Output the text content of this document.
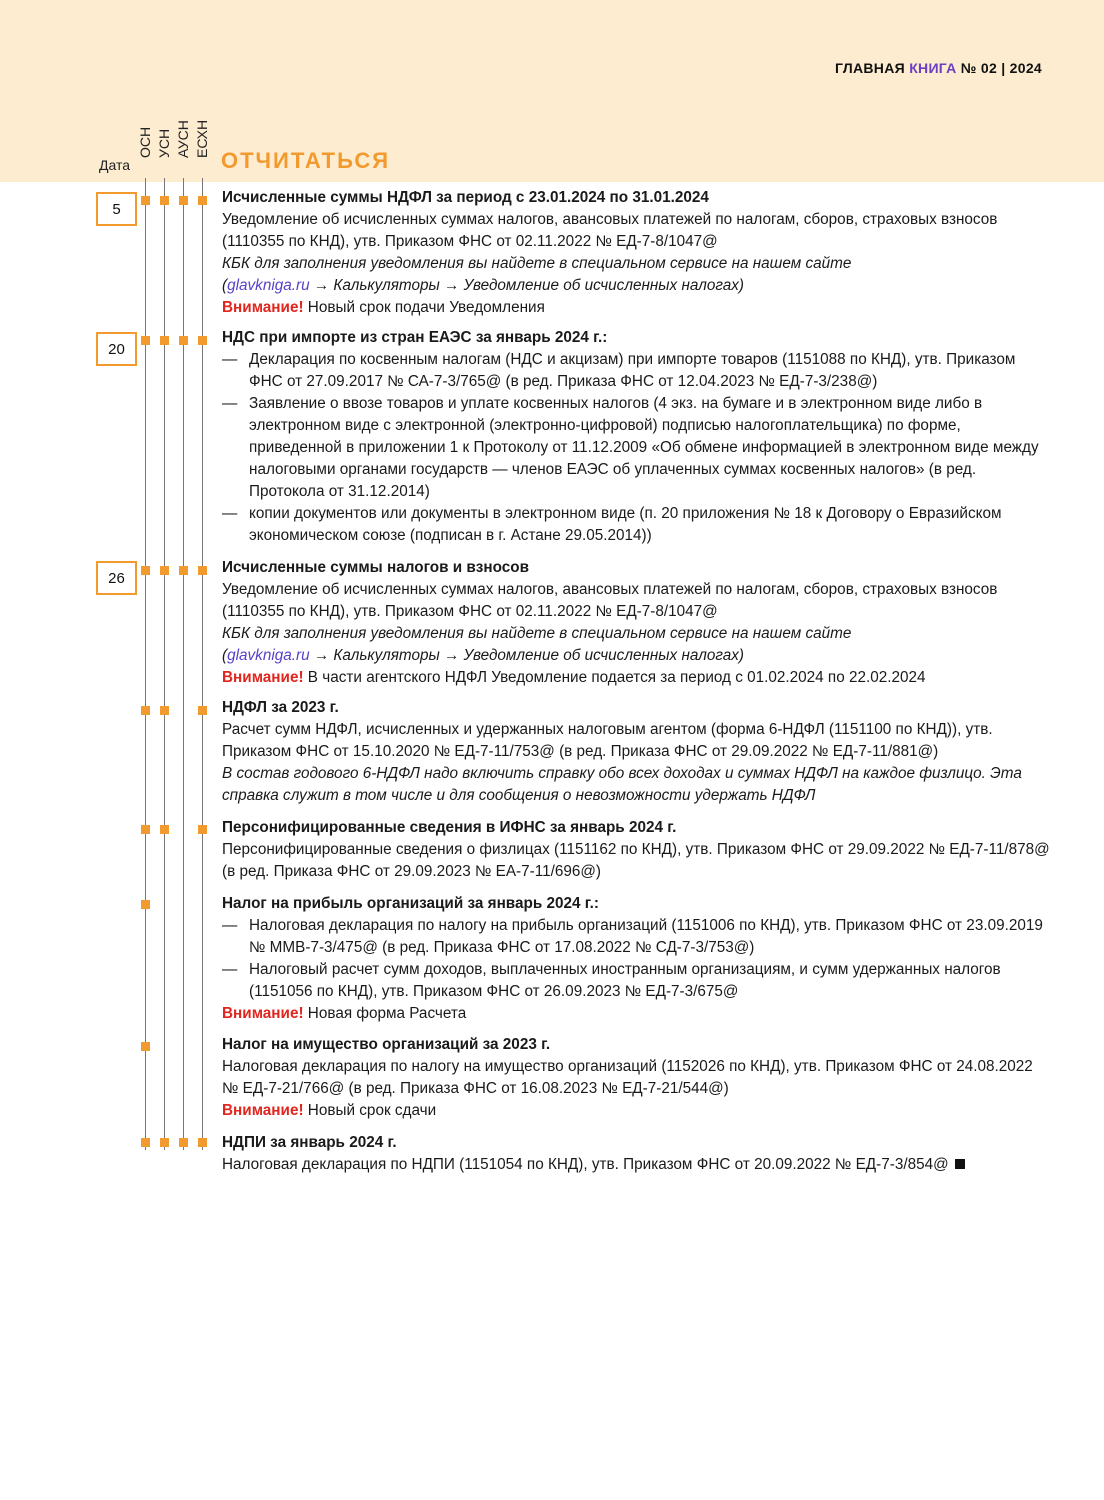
ГЛАВНАЯ КНИГА № 02 | 2024
Дата
ОСН УСН АУСН ЕСХН
ОТЧИТАТЬСЯ
5
20
26
Исчисленные суммы НДФЛ за период с 23.01.2024 по 31.01.2024
Уведомление об исчисленных суммах налогов, авансовых платежей по налогам, сборов, страховых взносов (1110355 по КНД), утв. Приказом ФНС от 02.11.2022 № ЕД-7-8/1047@
КБК для заполнения уведомления вы найдете в специальном сервисе на нашем сайте
(glavkniga.ru → Калькуляторы → Уведомление об исчисленных налогах)
Внимание! Новый срок подачи Уведомления
НДС при импорте из стран ЕАЭС за январь 2024 г.:
— Декларация по косвенным налогам (НДС и акцизам) при импорте товаров (1151088 по КНД), утв. Приказом ФНС от 27.09.2017 № СА-7-3/765@ (в ред. Приказа ФНС от 12.04.2023 № ЕД-7-3/238@)
— Заявление о ввозе товаров и уплате косвенных налогов (4 экз. на бумаге и в электронном виде либо в электронном виде с электронной (электронно-цифровой) подписью налогоплательщика) по форме, приведенной в приложении 1 к Протоколу от 11.12.2009 «Об обмене информацией в электронном виде между налоговыми органами государств — членов ЕАЭС об уплаченных суммах косвенных налогов» (в ред. Протокола от 31.12.2014)
— копии документов или документы в электронном виде (п. 20 приложения № 18 к Договору о Евразийском экономическом союзе (подписан в г. Астане 29.05.2014))
Исчисленные суммы налогов и взносов
Уведомление об исчисленных суммах налогов, авансовых платежей по налогам, сборов, страховых взносов (1110355 по КНД), утв. Приказом ФНС от 02.11.2022 № ЕД-7-8/1047@
КБК для заполнения уведомления вы найдете в специальном сервисе на нашем сайте
(glavkniga.ru → Калькуляторы → Уведомление об исчисленных налогах)
Внимание! В части агентского НДФЛ Уведомление подается за период с 01.02.2024 по 22.02.2024
НДФЛ за 2023 г.
Расчет сумм НДФЛ, исчисленных и удержанных налоговым агентом (форма 6-НДФЛ (1151100 по КНД)), утв. Приказом ФНС от 15.10.2020 № ЕД-7-11/753@ (в ред. Приказа ФНС от 29.09.2022 № ЕД-7-11/881@)
В состав годового 6-НДФЛ надо включить справку обо всех доходах и суммах НДФЛ на каждое физлицо. Эта справка служит в том числе и для сообщения о невозможности удержать НДФЛ
Персонифицированные сведения в ИФНС за январь 2024 г.
Персонифицированные сведения о физлицах (1151162 по КНД), утв. Приказом ФНС от 29.09.2022 № ЕД-7-11/878@ (в ред. Приказа ФНС от 29.09.2023 № ЕА-7-11/696@)
Налог на прибыль организаций за январь 2024 г.:
— Налоговая декларация по налогу на прибыль организаций (1151006 по КНД), утв. Приказом ФНС от 23.09.2019 № ММВ-7-3/475@ (в ред. Приказа ФНС от 17.08.2022 № СД-7-3/753@)
— Налоговый расчет сумм доходов, выплаченных иностранным организациям, и сумм удержанных налогов (1151056 по КНД), утв. Приказом ФНС от 26.09.2023 № ЕД-7-3/675@
Внимание! Новая форма Расчета
Налог на имущество организаций за 2023 г.
Налоговая декларация по налогу на имущество организаций (1152026 по КНД), утв. Приказом ФНС от 24.08.2022 № ЕД-7-21/766@ (в ред. Приказа ФНС от 16.08.2023 № ЕД-7-21/544@)
Внимание! Новый срок сдачи
НДПИ за январь 2024 г.
Налоговая декларация по НДПИ (1151054 по КНД), утв. Приказом ФНС от 20.09.2022 № ЕД-7-3/854@
